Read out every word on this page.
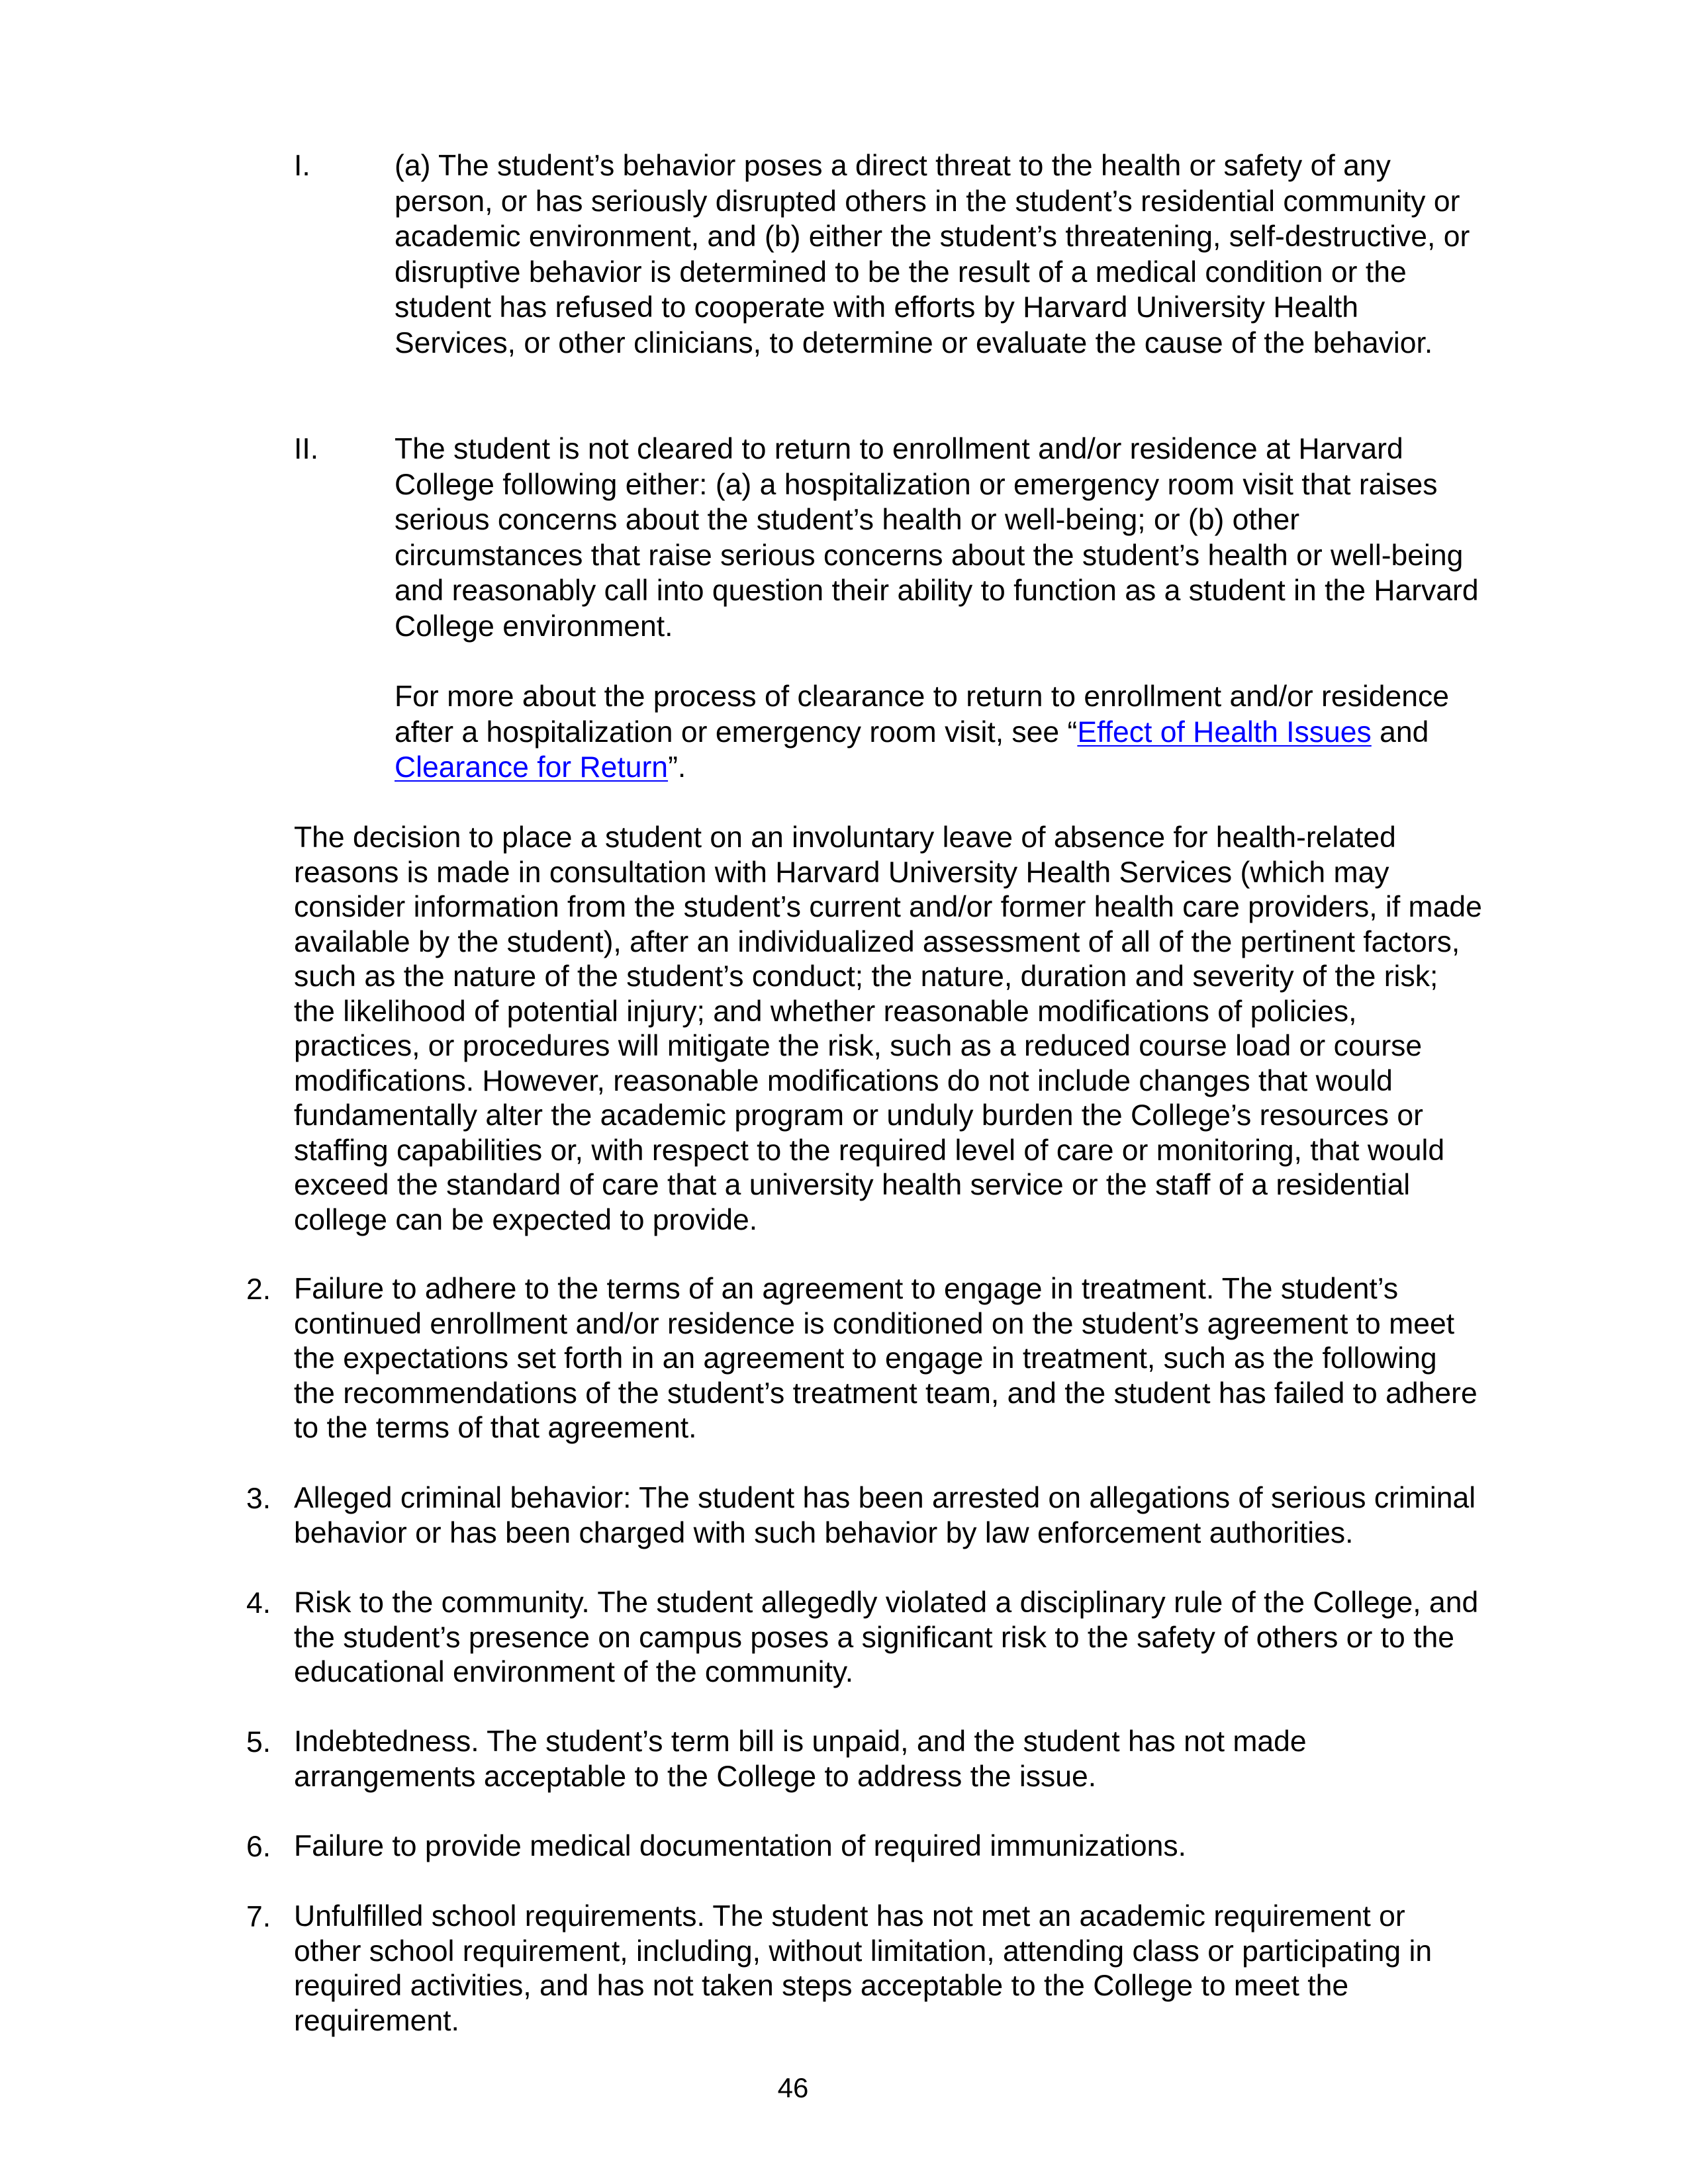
I.	(a) The student’s behavior poses a direct threat to the health or safety of any person, or has seriously disrupted others in the student’s residential community or academic environment, and (b) either the student’s threatening, self-destructive, or disruptive behavior is determined to be the result of a medical condition or the student has refused to cooperate with efforts by Harvard University Health Services, or other clinicians, to determine or evaluate the cause of the behavior.

II.	The student is not cleared to return to enrollment and/or residence at Harvard College following either: (a) a hospitalization or emergency room visit that raises serious concerns about the student’s health or well-being; or (b) other circumstances that raise serious concerns about the student’s health or well-being and reasonably call into question their ability to function as a student in the Harvard College environment.

For more about the process of clearance to return to enrollment and/or residence after a hospitalization or emergency room visit, see “Effect of Health Issues and Clearance for Return”.

The decision to place a student on an involuntary leave of absence for health-related reasons is made in consultation with Harvard University Health Services (which may consider information from the student’s current and/or former health care providers, if made available by the student), after an individualized assessment of all of the pertinent factors, such as the nature of the student’s conduct; the nature, duration and severity of the risk; the likelihood of potential injury; and whether reasonable modifications of policies, practices, or procedures will mitigate the risk, such as a reduced course load or course modifications. However, reasonable modifications do not include changes that would fundamentally alter the academic program or unduly burden the College’s resources or staffing capabilities or, with respect to the required level of care or monitoring, that would exceed the standard of care that a university health service or the staff of a residential college can be expected to provide.

2. Failure to adhere to the terms of an agreement to engage in treatment. The student’s continued enrollment and/or residence is conditioned on the student’s agreement to meet the expectations set forth in an agreement to engage in treatment, such as the following the recommendations of the student’s treatment team, and the student has failed to adhere to the terms of that agreement.

3. Alleged criminal behavior: The student has been arrested on allegations of serious criminal behavior or has been charged with such behavior by law enforcement authorities.

4. Risk to the community. The student allegedly violated a disciplinary rule of the College, and the student’s presence on campus poses a significant risk to the safety of others or to the educational environment of the community.

5. Indebtedness. The student’s term bill is unpaid, and the student has not made arrangements acceptable to the College to address the issue.

6. Failure to provide medical documentation of required immunizations.

7. Unfulfilled school requirements. The student has not met an academic requirement or other school requirement, including, without limitation, attending class or participating in required activities, and has not taken steps acceptable to the College to meet the requirement.

46
